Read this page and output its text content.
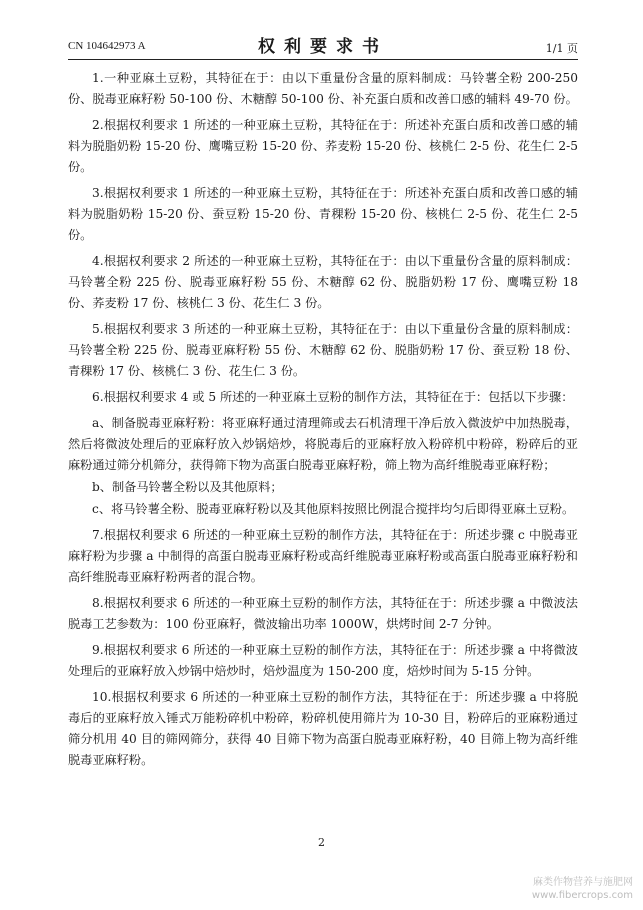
CN 104642973 A	权利要求书	1/1 页

1.一种亚麻土豆粉，其特征在于：由以下重量份含量的原料制成：马铃薯全粉 200-250 份、脱毒亚麻籽粉 50-100 份、木糖醇 50-100 份、补充蛋白质和改善口感的辅料 49-70 份。

2.根据权利要求 1 所述的一种亚麻土豆粉，其特征在于：所述补充蛋白质和改善口感的辅料为脱脂奶粉 15-20 份、鹰嘴豆粉 15-20 份、荞麦粉 15-20 份、核桃仁 2-5 份、花生仁 2-5 份。

3.根据权利要求 1 所述的一种亚麻土豆粉，其特征在于：所述补充蛋白质和改善口感的辅料为脱脂奶粉 15-20 份、蚕豆粉 15-20 份、青稞粉 15-20 份、核桃仁 2-5 份、花生仁 2-5 份。

4.根据权利要求 2 所述的一种亚麻土豆粉，其特征在于：由以下重量份含量的原料制成：马铃薯全粉 225 份、脱毒亚麻籽粉 55 份、木糖醇 62 份、脱脂奶粉 17 份、鹰嘴豆粉 18 份、荞麦粉 17 份、核桃仁 3 份、花生仁 3 份。

5.根据权利要求 3 所述的一种亚麻土豆粉，其特征在于：由以下重量份含量的原料制成：马铃薯全粉 225 份、脱毒亚麻籽粉 55 份、木糖醇 62 份、脱脂奶粉 17 份、蚕豆粉 18 份、青稞粉 17 份、核桃仁 3 份、花生仁 3 份。

6.根据权利要求 4 或 5 所述的一种亚麻土豆粉的制作方法，其特征在于：包括以下步骤：

a、制备脱毒亚麻籽粉：将亚麻籽通过清理筛或去石机清理干净后放入微波炉中加热脱毒，然后将微波处理后的亚麻籽放入炒锅焙炒，将脱毒后的亚麻籽放入粉碎机中粉碎，粉碎后的亚麻粉通过筛分机筛分，获得筛下物为高蛋白脱毒亚麻籽粉，筛上物为高纤维脱毒亚麻籽粉；

b、制备马铃薯全粉以及其他原料；

c、将马铃薯全粉、脱毒亚麻籽粉以及其他原料按照比例混合搅拌均匀后即得亚麻土豆粉。

7.根据权利要求 6 所述的一种亚麻土豆粉的制作方法，其特征在于：所述步骤 c 中脱毒亚麻籽粉为步骤 a 中制得的高蛋白脱毒亚麻籽粉或高纤维脱毒亚麻籽粉或高蛋白脱毒亚麻籽粉和高纤维脱毒亚麻籽粉两者的混合物。

8.根据权利要求 6 所述的一种亚麻土豆粉的制作方法，其特征在于：所述步骤 a 中微波法脱毒工艺参数为：100 份亚麻籽，微波输出功率 1000W，烘烤时间 2-7 分钟。

9.根据权利要求 6 所述的一种亚麻土豆粉的制作方法，其特征在于：所述步骤 a 中将微波处理后的亚麻籽放入炒锅中焙炒时，焙炒温度为 150-200 度，焙炒时间为 5-15 分钟。

10.根据权利要求 6 所述的一种亚麻土豆粉的制作方法，其特征在于：所述步骤 a 中将脱毒后的亚麻籽放入锤式万能粉碎机中粉碎，粉碎机使用筛片为 10-30 目，粉碎后的亚麻粉通过筛分机用 40 目的筛网筛分，获得 40 目筛下物为高蛋白脱毒亚麻籽粉，40 目筛上物为高纤维脱毒亚麻籽粉。

2
麻类作物营养与施肥网
www.fibercrops.com
